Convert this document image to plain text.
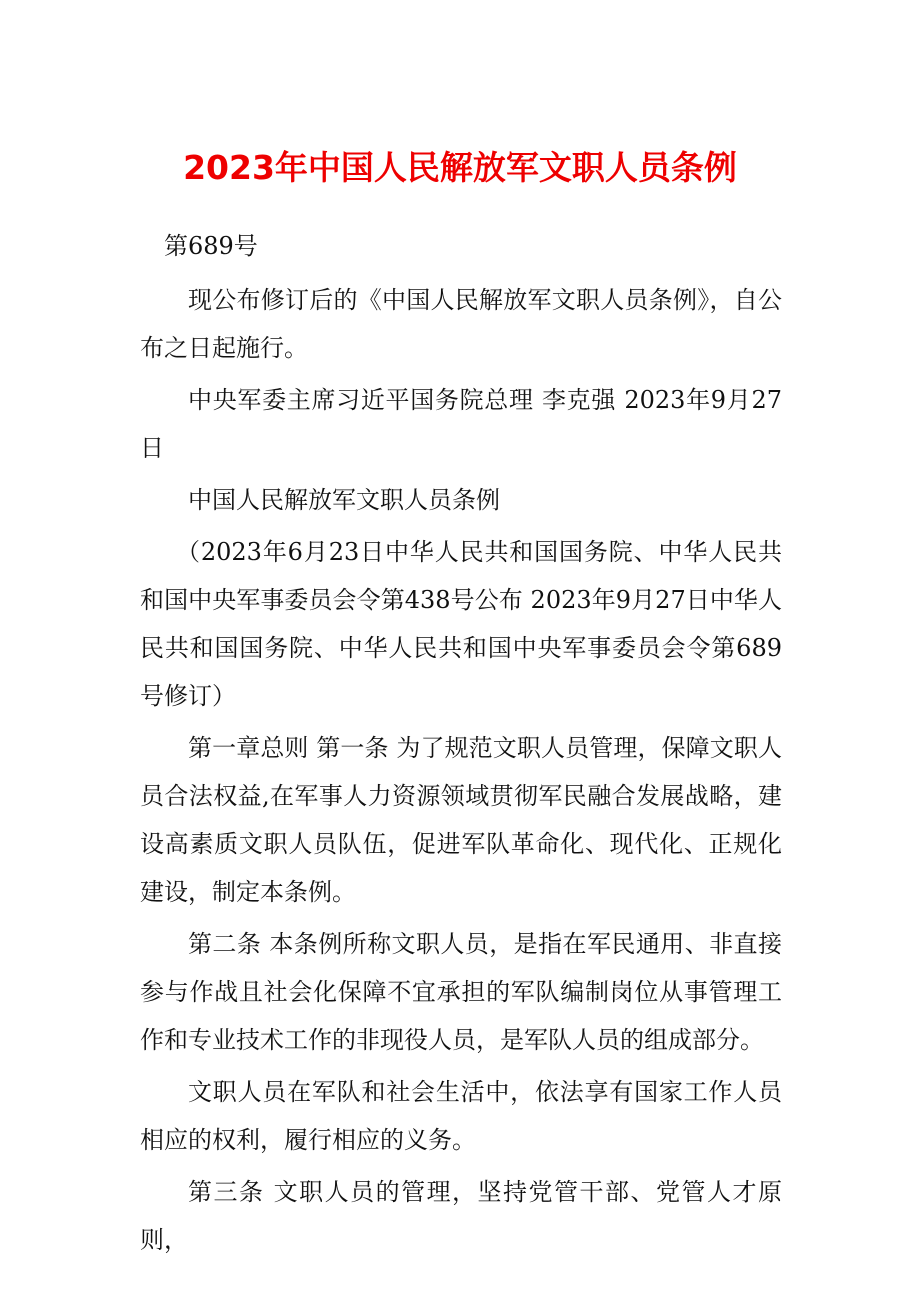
2023年中国人民解放军文职人员条例

第689号

现公布修订后的《中国人民解放军文职人员条例》，自公布之日起施行。

中央军委主席习近平国务院总理 李克强 2023年9月27日

中国人民解放军文职人员条例

（2023年6月23日中华人民共和国国务院、中华人民共和国中央军事委员会令第438号公布 2023年9月27日中华人民共和国国务院、中华人民共和国中央军事委员会令第689号修订）

第一章总则 第一条 为了规范文职人员管理，保障文职人员合法权益,在军事人力资源领域贯彻军民融合发展战略，建设高素质文职人员队伍，促进军队革命化、现代化、正规化建设，制定本条例。

第二条 本条例所称文职人员，是指在军民通用、非直接参与作战且社会化保障不宜承担的军队编制岗位从事管理工作和专业技术工作的非现役人员，是军队人员的组成部分。

文职人员在军队和社会生活中，依法享有国家工作人员相应的权利，履行相应的义务。

第三条 文职人员的管理，坚持党管干部、党管人才原则，
